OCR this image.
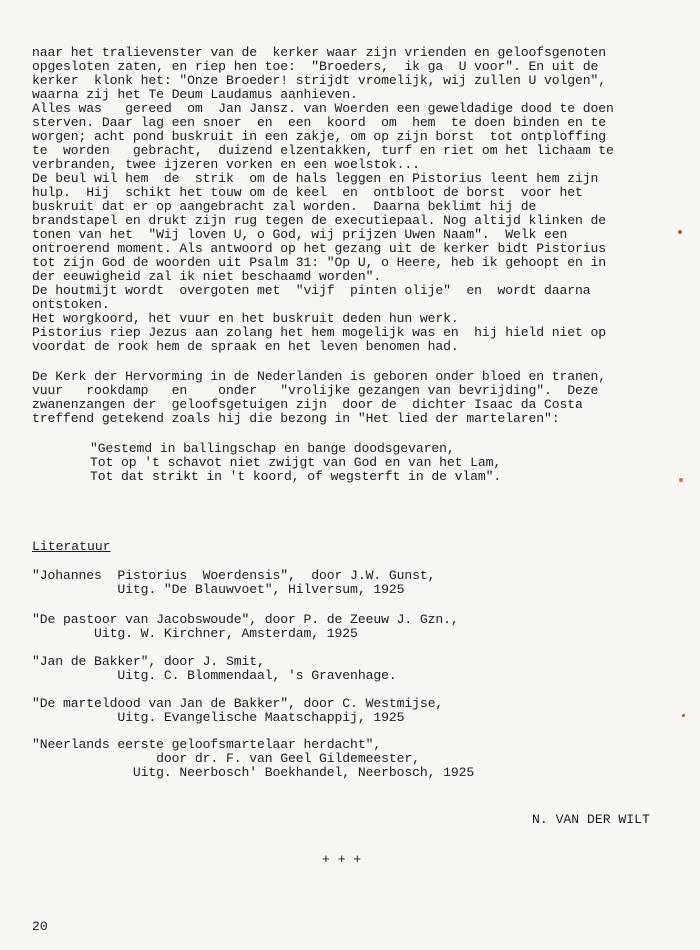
naar het tralievenster van de  kerker waar zijn vrienden en geloofsgenoten
opgesloten zaten, en riep hen toe:  "Broeders,  ik ga  U voor". En uit de
kerker  klonk het: "Onze Broeder! strijdt vromelijk, wij zullen U volgen",
waarna zij het Te Deum Laudamus aanhieven.
Alles was   gereed  om  Jan Jansz. van Woerden een geweldadige dood te doen
sterven. Daar lag een snoer  en  een  koord  om  hem  te doen binden en te
worgen; acht pond buskruit in een zakje, om op zijn borst  tot ontploffing
te  worden   gebracht,  duizend elzentakken, turf en riet om het lichaam te
verbranden, twee ijzeren vorken en een woelstok...
De beul wil hem  de  strik  om de hals leggen en Pistorius leent hem zijn
hulp.  Hij  schikt het touw om de keel  en  ontbloot de borst  voor het
buskruit dat er op aangebracht zal worden.  Daarna beklimt hij de
brandstapel en drukt zijn rug tegen de executiepaal. Nog altijd klinken de
tonen van het  "Wij loven U, o God, wij prijzen Uwen Naam".  Welk een
ontroerend moment. Als antwoord op het gezang uit de kerker bidt Pistorius
tot zijn God de woorden uit Psalm 31: "Op U, o Heere, heb ik gehoopt en in
der eeuwigheid zal ik niet beschaamd worden".
De houtmijt wordt  overgoten met  "vijf  pinten olije"  en  wordt daarna
ontstoken.
Het worgkoord, het vuur en het buskruit deden hun werk.
Pistorius riep Jezus aan zolang het hem mogelijk was en  hij hield niet op
voordat de rook hem de spraak en het leven benomen had.
De Kerk der Hervorming in de Nederlanden is geboren onder bloed en tranen,
vuur   rookdamp   en    onder   "vrolijke gezangen van bevrijding".  Deze
zwanenzangen der  geloofsgetuigen zijn  door de  dichter Isaac da Costa
treffend getekend zoals hij die bezong in "Het lied der martelaren":
"Gestemd in ballingschap en bange doodsgevaren,
Tot op 't schavot niet zwijgt van God en van het Lam,
Tot dat strikt in 't koord, of wegsterft in de vlam".
Literatuur
"Johannes  Pistorius  Woerdensis",  door J.W. Gunst,
Uitg. "De Blauwvoet", Hilversum, 1925
"De pastoor van Jacobswoude", door P. de Zeeuw J. Gzn.,
Uitg. W. Kirchner, Amsterdam, 1925
"Jan de Bakker", door J. Smit,
Uitg. C. Blommendaal, 's Gravenhage.
"De marteldood van Jan de Bakker", door C. Westmijse,
Uitg. Evangelische Maatschappij, 1925
"Neerlands eerste geloofsmartelaar herdacht",
door dr. F. van Geel Gildemeester,
Uitg. Neerbosch' Boekhandel, Neerbosch, 1925
N. VAN DER WILT
+ + +
20
